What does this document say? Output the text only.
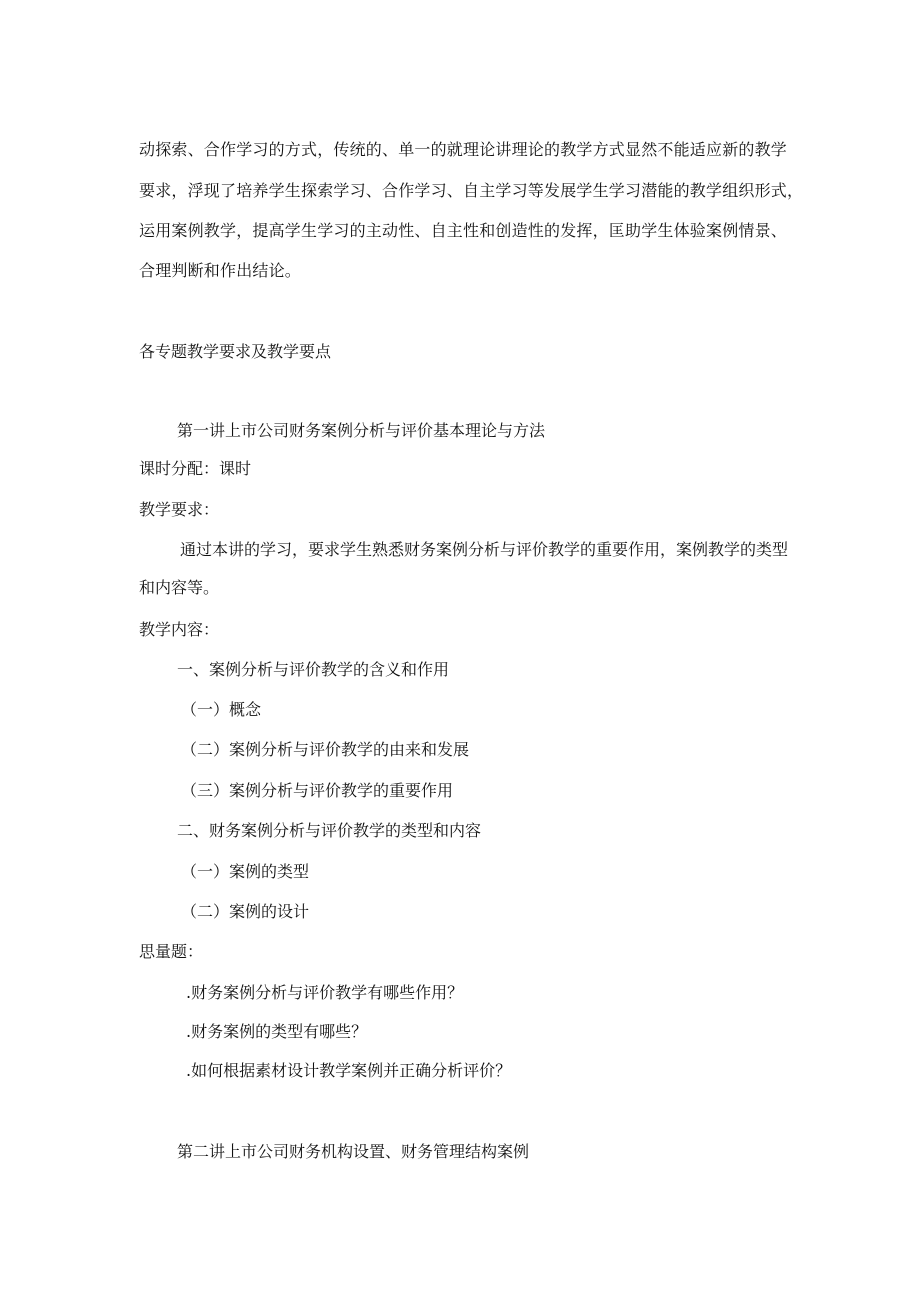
动探索、合作学习的方式，传统的、单一的就理论讲理论的教学方式显然不能适应新的教学
要求，浮现了培养学生探索学习、合作学习、自主学习等发展学生学习潜能的教学组织形式，
运用案例教学，提高学生学习的主动性、自主性和创造性的发挥，匡助学生体验案例情景、
合理判断和作出结论。
各专题教学要求及教学要点
第一讲上市公司财务案例分析与评价基本理论与方法
课时分配：课时
教学要求：
通过本讲的学习，要求学生熟悉财务案例分析与评价教学的重要作用，案例教学的类型
和内容等。
教学内容：
一、案例分析与评价教学的含义和作用
（一）概念
（二）案例分析与评价教学的由来和发展
（三）案例分析与评价教学的重要作用
二、财务案例分析与评价教学的类型和内容
（一）案例的类型
（二）案例的设计
思量题：
.财务案例分析与评价教学有哪些作用？
.财务案例的类型有哪些？
.如何根据素材设计教学案例并正确分析评价？
第二讲上市公司财务机构设置、财务管理结构案例
